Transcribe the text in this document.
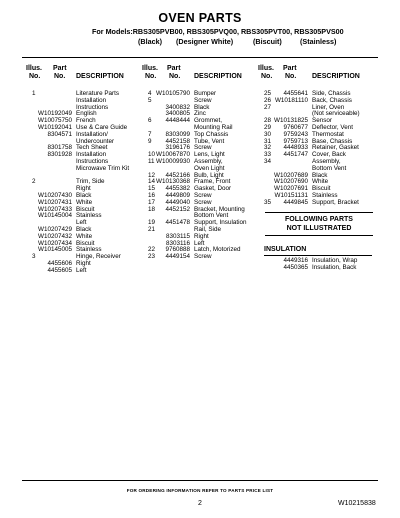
OVEN PARTS
For Models:RBS305PVB00, RBS305PVQ00, RBS305PVT00, RBS305PVS00
(Black) (Designer White)	(Biscuit)	(Stainless)
Illus. Part
No. No. DESCRIPTION
1	Literature Parts
Installation
Instructions
W10192049 English
W10075750 French
W10192041 Use & Care Guide
8304571 Installation/
Undercounter
8301758 Tech Sheet
8301928 Installation
Instructions
Microwave Trim Kit
2	Trim, Side
Right
W10207430 Black
W10207431 White
W10207433 Biscuit
W10145004 Stainless
Left
W10207429 Black
W10207432 White
W10207434 Biscuit
W10145005 Stainless
3	Hinge, Receiver
4455606 Right
4455605 Left
Illus. Part
No. No. DESCRIPTION
4 W10105790 Bumper
5	Screw
3400832 Black
3400805 Zinc
6	4448444 Grommet,
Mounting Rail
7	8303099 Top Chassis
9	4452158 Tube, Vent
3196176 Screw
10 W10067870 Lens, Light
11 W10009930 Assembly,
Oven Light
12	4452166 Bulb, Light
14 W10130368 Frame, Front
15	4455382 Gasket, Door
16	4449809 Screw
17	4449040 Screw
18	4452152 Bracket, Mounting
Bottom Vent
19	4451478 Support, Insulation
21	Rail, Side
8303115 Right
8303116 Left
22	9760888 Latch, Motorized
23	4449154 Screw
Illus. Part
No. No. DESCRIPTION
25	4455641 Side, Chassis
26 W10181110 Back, Chassis
27	Liner, Oven
(Not serviceable)
28 W10131825 Sensor
29	9760677 Deflector, Vent
30	9759243 Thermostat
31	9759713 Base, Chassis
32	4448933 Retainer, Gasket
33	4451747 Cover, Back
34	Assembly,
Bottom Vent
W10207689 Black
W10207690 White
W10207691 Biscuit
W10151131 Stainless
35	4449845 Support, Bracket
FOLLOWING PARTS
NOT ILLUSTRATED
INSULATION
4449316 Insulation, Wrap
4450365 Insulation, Back
FOR ORDERING INFORMATION REFER TO PARTS PRICE LIST
2	W10215838
